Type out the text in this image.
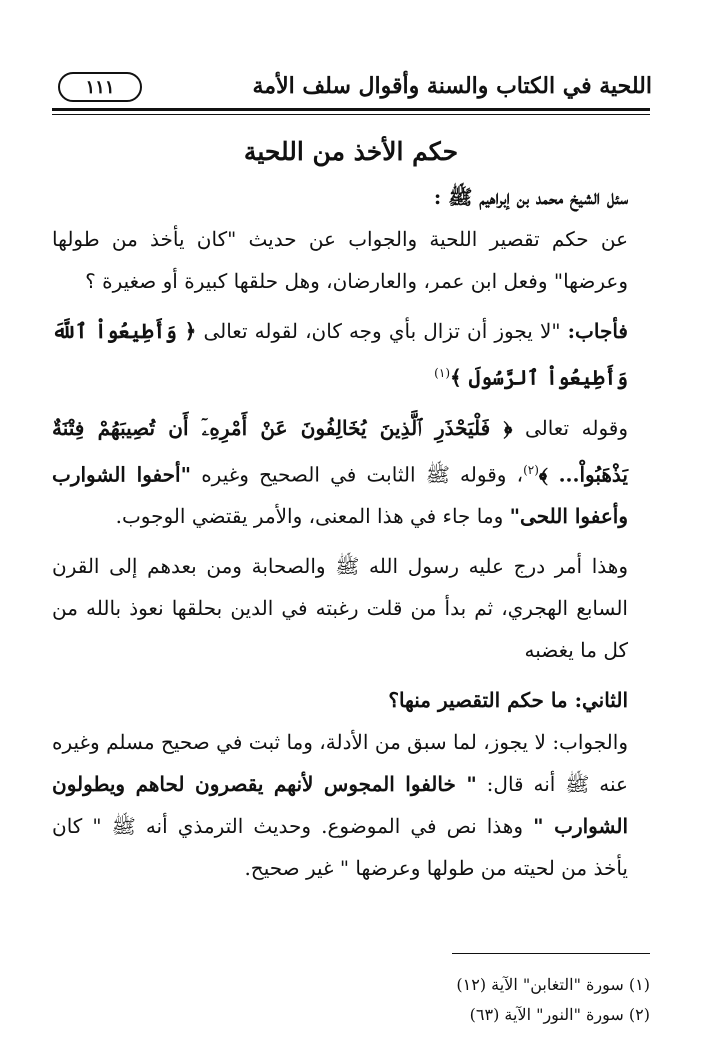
اللحية في الكتاب والسنة وأقوال سلف الأمة
١١١

حكم الأخذ من اللحية

سئل الشيخ محمد بن إبراهيم ﷺ :

عن حكم تقصير اللحية والجواب عن حديث "كان يأخذ من طولها وعرضها" وفعل ابن عمر، والعارضان، وهل حلقها كبيرة أو صغيرة ؟

فأجاب: "لا يجوز أن تزال بأي وجه كان، لقوله تعالى ﴿ وَأَطِيعُواْ ٱللَّهَ وَأَطِيعُواْ ٱلرَّسُولَ ﴾$^{(١)}$

وقوله تعالى ﴿ فَلْيَحْذَرِ ٱلَّذِينَ يُخَالِفُونَ عَنْ أَمْرِهِۦٓ أَن تُصِيبَهُمْ فِتْنَةٌ يَذْهَبُواْ... ﴾$^{(٢)}$، وقوله ﷺ الثابت في الصحيح وغيره "أحفوا الشوارب وأعفوا اللحى" وما جاء في هذا المعنى، والأمر يقتضي الوجوب.

وهذا أمر درج عليه رسول الله ﷺ والصحابة ومن بعدهم إلى القرن السابع الهجري، ثم بدأ من قلت رغبته في الدين بحلقها نعوذ بالله من كل ما يغضبه

الثاني: ما حكم التقصير منها؟

والجواب: لا يجوز، لما سبق من الأدلة، وما ثبت في صحيح مسلم وغيره عنه ﷺ أنه قال: " خالفوا المجوس لأنهم يقصرون لحاهم ويطولون الشوارب " وهذا نص في الموضوع. وحديث الترمذي أنه ﷺ " كان يأخذ من لحيته من طولها وعرضها " غير صحيح.

(١) سورة "التغابن" الآية (١٢)

(٢) سورة "النور" الآية (٦٣)
